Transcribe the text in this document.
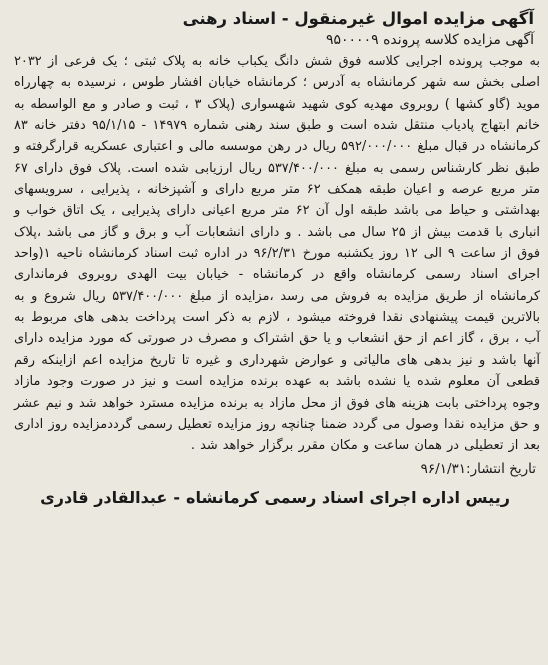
آگهی مزایده اموال غیرمنقول - اسناد رهنی
آگهی مزایده کلاسه پرونده ۹۵۰۰۰۰۹
به موجب پرونده اجرایی کلاسه فوق شش دانگ یکباب خانه به پلاک ثبتی ؛ یک فرعی از ۲۰۳۲ اصلی بخش سه شهر کرمانشاه به آدرس ؛ کرمانشاه خیابان افشار طوس ، نرسیده به چهارراه موید (گاو کشها ) روبروی مهدیه کوی شهید شهسواری (پلاک ۳ ، ثبت و صادر و مع الواسطه به خانم ابتهاج پادیاب منتقل شده است و طبق سند رهنی شماره ۱۴۹۷۹ - ۹۵/۱/۱۵ دفتر خانه ۸۳ کرمانشاه در قبال مبلغ ۵۹۲/۰۰۰/۰۰۰ ریال در رهن موسسه مالی و اعتباری عسکریه قرارگرفته و طبق نظر کارشناس رسمی به مبلغ ۵۳۷/۴۰۰/۰۰۰ ریال ارزیابی شده است. پلاک فوق دارای ۶۷ متر مربع عرصه و اعیان طبقه همکف ۶۲ متر مربع دارای و آشپزخانه ، پذیرایی ، سرویسهای بهداشتی و حیاط می باشد طبقه اول آن ۶۲ متر مربع اعیانی دارای پذیرایی ، یک اتاق خواب و انباری با قدمت بیش از ۲۵ سال می باشد . و دارای انشعابات آب و برق و گاز می باشد ،پلاک فوق از ساعت ۹ الی ۱۲ روز یکشنبه مورخ ۹۶/۲/۳۱ در اداره ثبت اسناد کرمانشاه ناحیه ۱(واحد اجرای اسناد رسمی کرمانشاه واقع در کرمانشاه - خیابان بیت الهدی روبروی فرمانداری کرمانشاه از طریق مزایده به فروش می رسد ،مزایده از مبلغ ۵۳۷/۴۰۰/۰۰۰ ریال شروع و به بالاترین قیمت پیشنهادی نقدا فروخته میشود ، لازم به ذکر است پرداخت بدهی های مربوط به آب ، برق ، گاز اعم از حق انشعاب و یا حق اشتراک و مصرف در صورتی که مورد مزایده دارای آنها باشد و نیز بدهی های مالیاتی و عوارض شهرداری و غیره تا تاریخ مزایده اعم ازاینکه رقم قطعی آن معلوم شده یا نشده باشد به عهده برنده مزایده است و نیز در صورت وجود مازاد وجوه پرداختی بابت هزینه های فوق از محل مازاد به برنده مزایده مسترد خواهد شد و نیم عشر و حق مزایده نقدا وصول می گردد ضمنا چنانچه روز مزایده تعطیل رسمی گردد‌مزایده روز اداری بعد از تعطیلی در همان ساعت و مکان مقرر برگزار خواهد شد .
تاریخ انتشار:۹۶/۱/۳۱
رییس اداره اجرای اسناد رسمی کرمانشاه-عبدالقادر قادری
